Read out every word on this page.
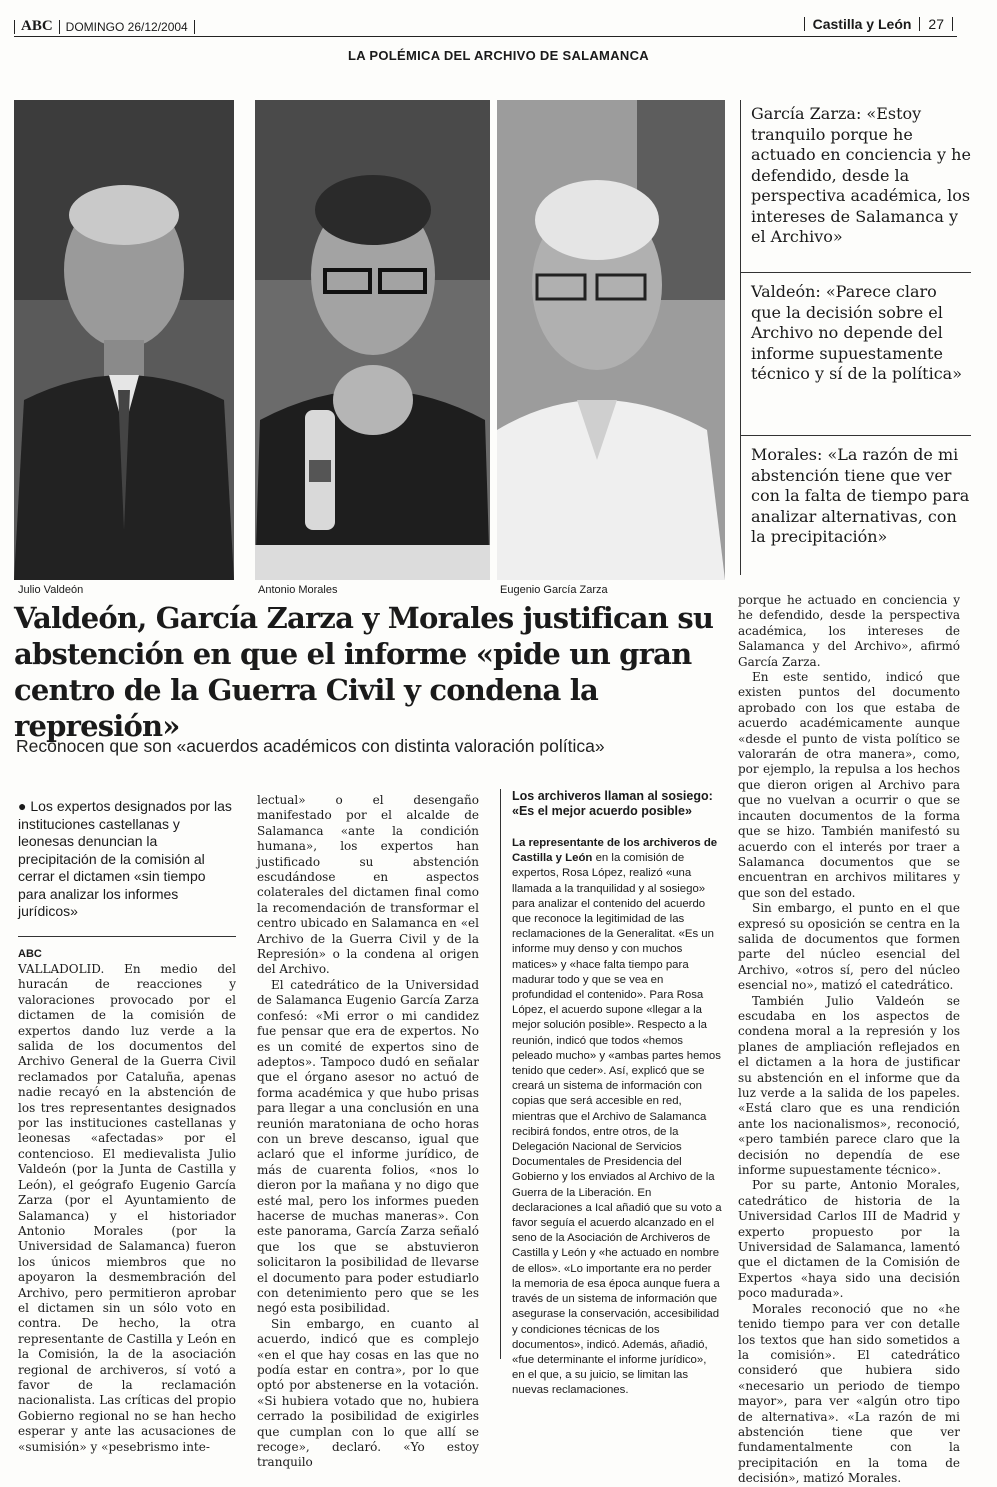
ABC DOMINGO 26/12/2004	Castilla y León 27
LA POLÉMICA DEL ARCHIVO DE SALAMANCA
Julio Valdeón	Antonio Morales	Eugenio García Zarza
García Zarza: «Estoy tranquilo porque he actuado en conciencia y he defendido, desde la perspectiva académica, los intereses de Salamanca y el Archivo»
Valdeón: «Parece claro que la decisión sobre el Archivo no depende del informe supuestamente técnico y sí de la política»
Morales: «La razón de mi abstención tiene que ver con la falta de tiempo para analizar alternativas, con la precipitación»
Valdeón, García Zarza y Morales justifican su abstención en que el informe «pide un gran centro de la Guerra Civil y condena la represión»
Reconocen que son «acuerdos académicos con distinta valoración política»
● Los expertos designados por las instituciones castellanas y leonesas denuncian la precipitación de la comisión al cerrar el dictamen «sin tiempo para analizar los informes jurídicos»
ABC

VALLADOLID. En medio del huracán de reacciones y valoraciones provocado por el dictamen de la comisión de expertos dando luz verde a la salida de los documentos del Archivo General de la Guerra Civil reclamados por Cataluña, apenas nadie recayó en la abstención de los tres representantes designados por las instituciones castellanas y leonesas «afectadas» por el contencioso. El medievalista Julio Valdeón (por la Junta de Castilla y León), el geógrafo Eugenio García Zarza (por el Ayuntamiento de Salamanca) y el historiador Antonio Morales (por la Universidad de Salamanca) fueron los únicos miembros que no apoyaron la desmembración del Archivo, pero permitieron aprobar el dictamen sin un sólo voto en contra. De hecho, la otra representante de Castilla y León en la Comisión, la de la asociación regional de archiveros, sí votó a favor de la reclamación nacionalista. Las críticas del propio Gobierno regional no se han hecho esperar y ante las acusaciones de «sumisión» y «pesebrismo inte-

lectual» o el desengaño manifestado por el alcalde de Salamanca «ante la condición humana», los expertos han justificado su abstención escudándose en aspectos colaterales del dictamen final como la recomendación de transformar el centro ubicado en Salamanca en «el Archivo de la Guerra Civil y de la Represión» o la condena al origen del Archivo.

El catedrático de la Universidad de Salamanca Eugenio García Zarza confesó: «Mi error o mi candidez fue pensar que era de expertos. No es un comité de expertos sino de adeptos». Tampoco dudó en señalar que el órgano asesor no actuó de forma académica y que hubo prisas para llegar a una conclusión en una reunión maratoniana de ocho horas con un breve descanso, igual que aclaró que el informe jurídico, de más de cuarenta folios, «nos lo dieron por la mañana y no digo que esté mal, pero los informes pueden hacerse de muchas maneras». Con este panorama, García Zarza señaló que los que se abstuvieron solicitaron la posibilidad de llevarse el documento para poder estudiarlo con detenimiento pero que se les negó esta posibilidad.

Sin embargo, en cuanto al acuerdo, indicó que es complejo «en el que hay cosas en las que no podía estar en contra», por lo que optó por abstenerse en la votación. «Si hubiera votado que no, hubiera cerrado la posibilidad de exigirles que cumplan con lo que allí se recoge», declaró. «Yo estoy tranquilo

Los archiveros llaman al sosiego:
«Es el mejor acuerdo posible»
La representante de los archiveros de Castilla y León en la comisión de expertos, Rosa López, realizó «una llamada a la tranquilidad y al sosiego» para analizar el contenido del acuerdo que reconoce la legitimidad de las reclamaciones de la Generalitat. «Es un informe muy denso y con muchos matices» y «hace falta tiempo para madurar todo y que se vea en profundidad el contenido». Para Rosa López, el acuerdo supone «llegar a la mejor solución posible». Respecto a la reunión, indicó que todos «hemos peleado mucho» y «ambas partes hemos tenido que ceder». Así, explicó que se creará un sistema de información con copias que será accesible en red, mientras que el Archivo de Salamanca recibirá fondos, entre otros, de la Delegación Nacional de Servicios Documentales de Presidencia del Gobierno y los enviados al Archivo de la Guerra de la Liberación. En declaraciones a Ical añadió que su voto a favor seguía el acuerdo alcanzado en el seno de la Asociación de Archiveros de Castilla y León y «he actuado en nombre de ellos». «Lo importante era no perder la memoria de esa época aunque fuera a través de un sistema de información que asegurase la conservación, accesibilidad y condiciones técnicas de los documentos», indicó. Además, añadió, «fue determinante el informe jurídico», en el que, a su juicio, se limitan las nuevas reclamaciones.

porque he actuado en conciencia y he defendido, desde la perspectiva académica, los intereses de Salamanca y del Archivo», afirmó García Zarza.

En este sentido, indicó que existen puntos del documento aprobado con los que estaba de acuerdo académicamente aunque «desde el punto de vista político se valorarán de otra manera», como, por ejemplo, la repulsa a los hechos que dieron origen al Archivo para que no vuelvan a ocurrir o que se incauten documentos de la forma que se hizo. También manifestó su acuerdo con el interés por traer a Salamanca documentos que se encuentran en archivos militares y que son del estado.

Sin embargo, el punto en el que expresó su oposición se centra en la salida de documentos que formen parte del núcleo esencial del Archivo, «otros sí, pero del núcleo esencial no», matizó el catedrático.

También Julio Valdeón se escudaba en los aspectos de condena moral a la represión y los planes de ampliación reflejados en el dictamen a la hora de justificar su abstención en el informe que da luz verde a la salida de los papeles. «Está claro que es una rendición ante los nacionalismos», reconoció, «pero también parece claro que la decisión no dependía de ese informe supuestamente técnico».

Por su parte, Antonio Morales, catedrático de historia de la Universidad Carlos III de Madrid y experto propuesto por la Universidad de Salamanca, lamentó que el dictamen de la Comisión de Expertos «haya sido una decisión poco madurada».

Morales reconoció que no «he tenido tiempo para ver con detalle los textos que han sido sometidos a la comisión». El catedrático consideró que hubiera sido «necesario un periodo de tiempo mayor», para ver «algún otro tipo de alternativa». «La razón de mi abstención tiene que ver fundamentalmente con la precipitación en la toma de decisión», matizó Morales.
